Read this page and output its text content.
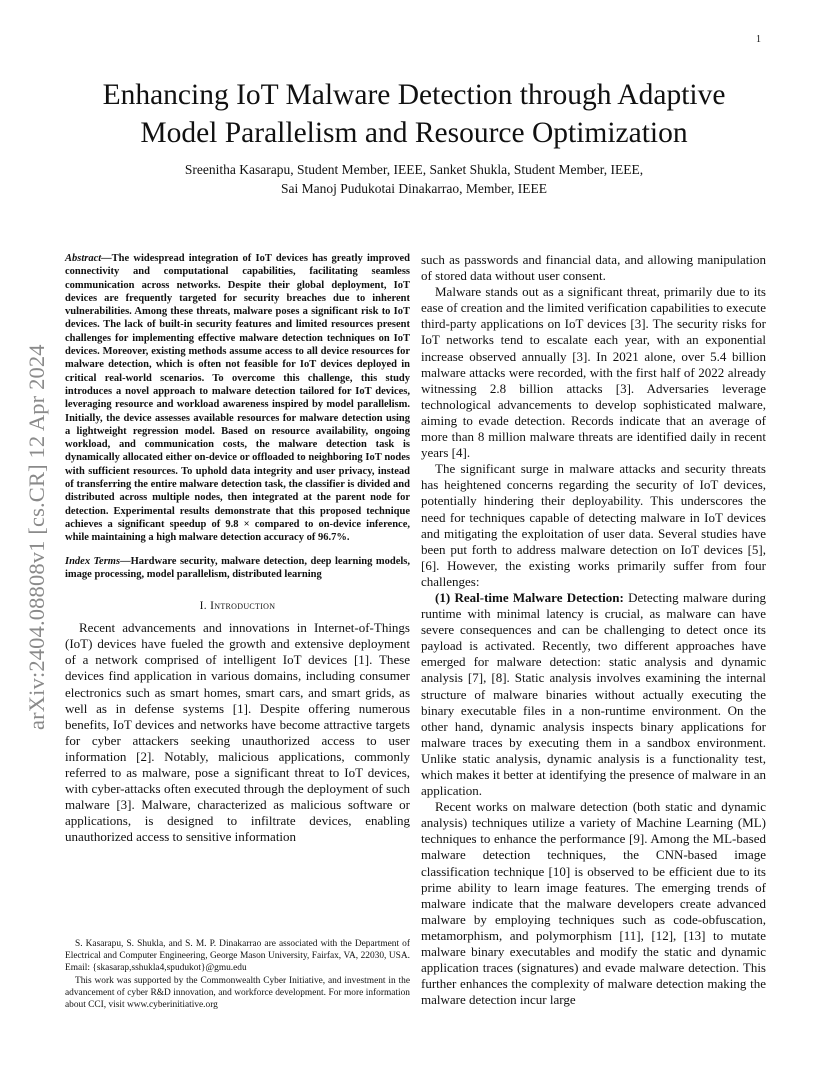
1
arXiv:2404.08808v1 [cs.CR] 12 Apr 2024
Enhancing IoT Malware Detection through Adaptive
Model Parallelism and Resource Optimization
Sreenitha Kasarapu, Student Member, IEEE, Sanket Shukla, Student Member, IEEE,
Sai Manoj Pudukotai Dinakarrao, Member, IEEE

Abstract—The widespread integration of IoT devices has greatly improved connectivity and computational capabilities, facilitating seamless communication across networks. Despite their global deployment, IoT devices are frequently targeted for security breaches due to inherent vulnerabilities. Among these threats, malware poses a significant risk to IoT devices. The lack of built-in security features and limited resources present challenges for implementing effective malware detection techniques on IoT devices. Moreover, existing methods assume access to all device resources for malware detection, which is often not feasible for IoT devices deployed in critical real-world scenarios. To overcome this challenge, this study introduces a novel approach to malware detection tailored for IoT devices, leveraging resource and workload awareness inspired by model parallelism. Initially, the device assesses available resources for malware detection using a lightweight regression model. Based on resource availability, ongoing workload, and communication costs, the malware detection task is dynamically allocated either on-device or offloaded to neighboring IoT nodes with sufficient resources. To uphold data integrity and user privacy, instead of transferring the entire malware detection task, the classifier is divided and distributed across multiple nodes, then integrated at the parent node for detection. Experimental results demonstrate that this proposed technique achieves a significant speedup of 9.8 × compared to on-device inference, while maintaining a high malware detection accuracy of 96.7%.

Index Terms—Hardware security, malware detection, deep learning models, image processing, model parallelism, distributed learning

I. Introduction

Recent advancements and innovations in Internet-of-Things (IoT) devices have fueled the growth and extensive deployment of a network comprised of intelligent IoT devices [1]. These devices find application in various domains, including consumer electronics such as smart homes, smart cars, and smart grids, as well as in defense systems [1]. Despite offering numerous benefits, IoT devices and networks have become attractive targets for cyber attackers seeking unauthorized access to user information [2]. Notably, malicious applications, commonly referred to as malware, pose a significant threat to IoT devices, with cyber-attacks often executed through the deployment of such malware [3]. Malware, characterized as malicious software or applications, is designed to infiltrate devices, enabling unauthorized access to sensitive information

S. Kasarapu, S. Shukla, and S. M. P. Dinakarrao are associated with the Department of Electrical and Computer Engineering, George Mason University, Fairfax, VA, 22030, USA. Email: {skasarap,sshukla4,spudukot}@gmu.edu

This work was supported by the Commonwealth Cyber Initiative, and investment in the advancement of cyber R&D innovation, and workforce development. For more information about CCI, visit www.cyberinitiative.org

such as passwords and financial data, and allowing manipulation of stored data without user consent.

Malware stands out as a significant threat, primarily due to its ease of creation and the limited verification capabilities to execute third-party applications on IoT devices [3]. The security risks for IoT networks tend to escalate each year, with an exponential increase observed annually [3]. In 2021 alone, over 5.4 billion malware attacks were recorded, with the first half of 2022 already witnessing 2.8 billion attacks [3]. Adversaries leverage technological advancements to develop sophisticated malware, aiming to evade detection. Records indicate that an average of more than 8 million malware threats are identified daily in recent years [4].

The significant surge in malware attacks and security threats has heightened concerns regarding the security of IoT devices, potentially hindering their deployability. This underscores the need for techniques capable of detecting malware in IoT devices and mitigating the exploitation of user data. Several studies have been put forth to address malware detection on IoT devices [5], [6]. However, the existing works primarily suffer from four challenges:

(1) Real-time Malware Detection: Detecting malware during runtime with minimal latency is crucial, as malware can have severe consequences and can be challenging to detect once its payload is activated. Recently, two different approaches have emerged for malware detection: static analysis and dynamic analysis [7], [8]. Static analysis involves examining the internal structure of malware binaries without actually executing the binary executable files in a non-runtime environment. On the other hand, dynamic analysis inspects binary applications for malware traces by executing them in a sandbox environment. Unlike static analysis, dynamic analysis is a functionality test, which makes it better at identifying the presence of malware in an application.

Recent works on malware detection (both static and dynamic analysis) techniques utilize a variety of Machine Learning (ML) techniques to enhance the performance [9]. Among the ML-based malware detection techniques, the CNN-based image classification technique [10] is observed to be efficient due to its prime ability to learn image features. The emerging trends of malware indicate that the malware developers create advanced malware by employing techniques such as code-obfuscation, metamorphism, and polymorphism [11], [12], [13] to mutate malware binary executables and modify the static and dynamic application traces (signatures) and evade malware detection. This further enhances the complexity of malware detection making the malware detection incur large
